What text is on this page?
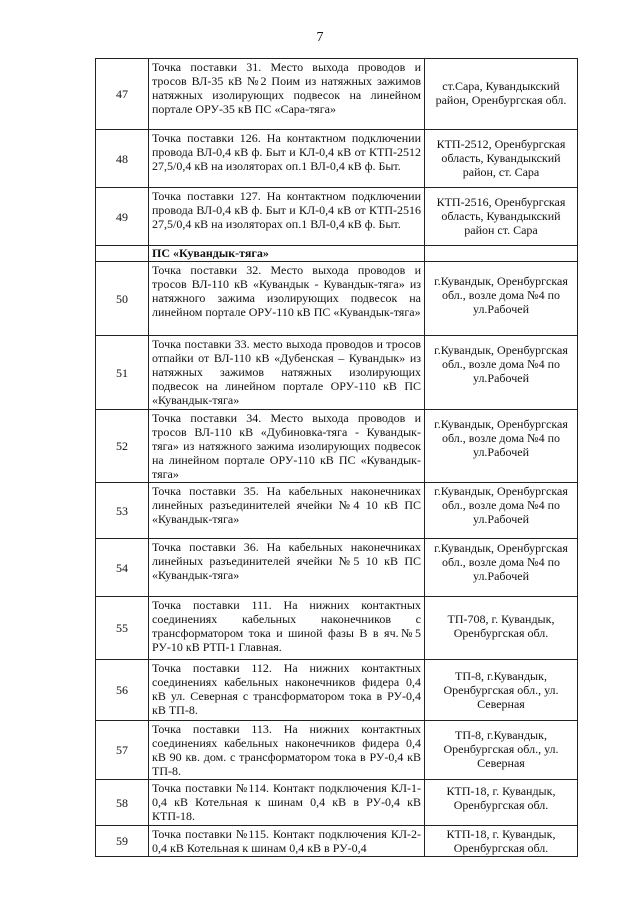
7
47	Точка поставки 31. Место выхода проводов и тросов ВЛ-35 кВ №2 Поим из натяжных зажимов натяжных изолирующих подвесок на линейном портале ОРУ-35 кВ ПС «Сара-тяга»	ст.Сара, Кувандыкский район, Оренбургская обл.
48	Точка поставки 126. На контактном подключении провода ВЛ-0,4 кВ ф. Быт и КЛ-0,4 кВ от КТП-2512 27,5/0,4 кВ на изоляторах оп.1 ВЛ-0,4 кВ ф. Быт.	КТП-2512, Оренбургская область, Кувандыкский район, ст. Сара
49	Точка поставки 127. На контактном подключении провода ВЛ-0,4 кВ ф. Быт и КЛ-0,4 кВ от КТП-2516 27,5/0,4 кВ на изоляторах оп.1 ВЛ-0,4 кВ ф. Быт.	КТП-2516, Оренбургская область, Кувандыкский район ст. Сара
	ПС «Кувандык-тяга»	
50	Точка поставки 32. Место выхода проводов и тросов ВЛ-110 кВ «Кувандык - Кувандык-тяга» из натяжного зажима изолирующих подвесок на линейном портале ОРУ-110 кВ ПС «Кувандык-тяга»	г.Кувандык, Оренбургская обл., возле дома №4 по ул.Рабочей
51	Точка поставки 33. место выхода проводов и тросов отпайки от ВЛ-110 кВ «Дубенская – Кувандык» из натяжных зажимов натяжных изолирующих подвесок на линейном портале ОРУ-110 кВ ПС «Кувандык-тяга»	г.Кувандык, Оренбургская обл., возле дома №4 по ул.Рабочей
52	Точка поставки 34. Место выхода проводов и тросов ВЛ-110 кВ «Дубиновка-тяга - Кувандык-тяга» из натяжного зажима изолирующих подвесок на линейном портале ОРУ-110 кВ ПС «Кувандык-тяга»	г.Кувандык, Оренбургская обл., возле дома №4 по ул.Рабочей
53	Точка поставки 35. На кабельных наконечниках линейных разъединителей ячейки №4 10 кВ ПС «Кувандык-тяга»	г.Кувандык, Оренбургская обл., возле дома №4 по ул.Рабочей
54	Точка поставки 36. На кабельных наконечниках линейных разъединителей ячейки №5 10 кВ ПС «Кувандык-тяга»	г.Кувандык, Оренбургская обл., возле дома №4 по ул.Рабочей
55	Точка поставки 111. На нижних контактных соединениях кабельных наконечников с трансформатором тока и шиной фазы В в яч.№5 РУ-10 кВ РТП-1 Главная.	ТП-708, г. Кувандык, Оренбургская обл.
56	Точка поставки 112. На нижних контактных соединениях кабельных наконечников фидера 0,4 кВ ул. Северная с трансформатором тока в РУ-0,4 кВ ТП-8.	ТП-8, г.Кувандык, Оренбургская обл., ул. Северная
57	Точка поставки 113. На нижних контактных соединениях кабельных наконечников фидера 0,4 кВ 90 кв. дом. с трансформатором тока в РУ-0,4 кВ ТП-8.	ТП-8, г.Кувандык, Оренбургская обл., ул. Северная
58	Точка поставки №114. Контакт подключения КЛ-1-0,4 кВ Котельная к шинам 0,4 кВ в РУ-0,4 кВ КТП-18.	КТП-18, г. Кувандык, Оренбургская обл.
59	Точка поставки №115. Контакт подключения КЛ-2-0,4 кВ Котельная к шинам 0,4 кВ в РУ-0,4	КТП-18, г. Кувандык, Оренбургская обл.
